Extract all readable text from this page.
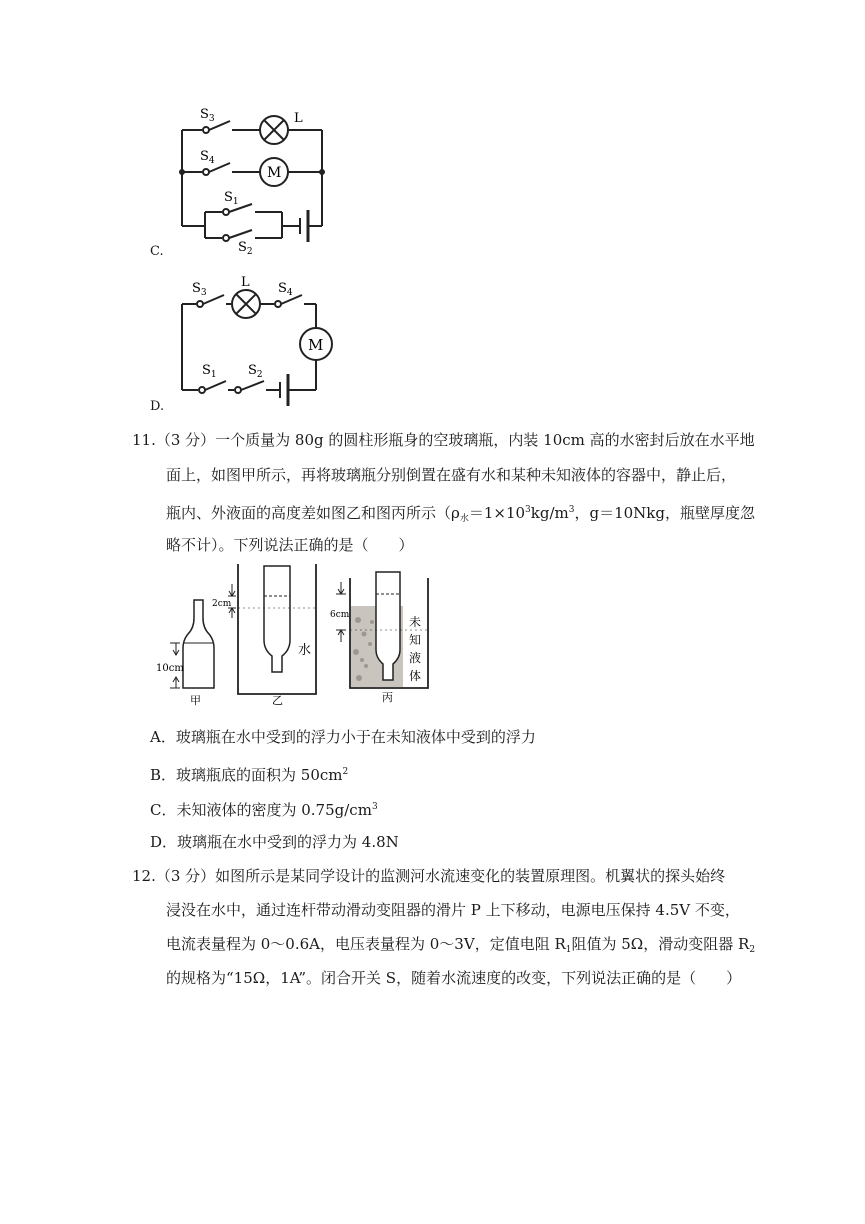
$S_3$	L
$S_4$
M
$S_1$
$S_2$
C.
$S_3$
L $S_4$
M
$S_1$ $S_2$
D.
11.（3 分）一个质量为 80g 的圆柱形瓶身的空玻璃瓶，内装 10cm 高的水密封后放在水平地
面上，如图甲所示，再将玻璃瓶分别倒置在盛有水和某种未知液体的容器中，静止后，
瓶内、外液面的高度差如图乙和图丙所示（$\rho_水=1\times 10^3kg/m^3$，g＝10Nkg，瓶壁厚度忽
略不计）。下列说法正确的是（　　）
10cm
甲
2cm
水
乙
6cm	未
知
液
体
丙
A．玻璃瓶在水中受到的浮力小于在未知液体中受到的浮力
B．玻璃瓶底的面积为 $50cm^2$
C．未知液体的密度为 $0.75g/cm^3$
D．玻璃瓶在水中受到的浮力为 4.8N
12.（3 分）如图所示是某同学设计的监测河水流速变化的装置原理图。机翼状的探头始终
浸没在水中，通过连杆带动滑动变阻器的滑片 P 上下移动，电源电压保持 4.5V 不变，
电流表量程为 0～0.6A，电压表量程为 0～3V，定值电阻 $R_1$阻值为 5Ω，滑动变阻器 $R_2$
的规格为“15Ω，1A”。闭合开关 S，随着水流速度的改变，下列说法正确的是（　　）
